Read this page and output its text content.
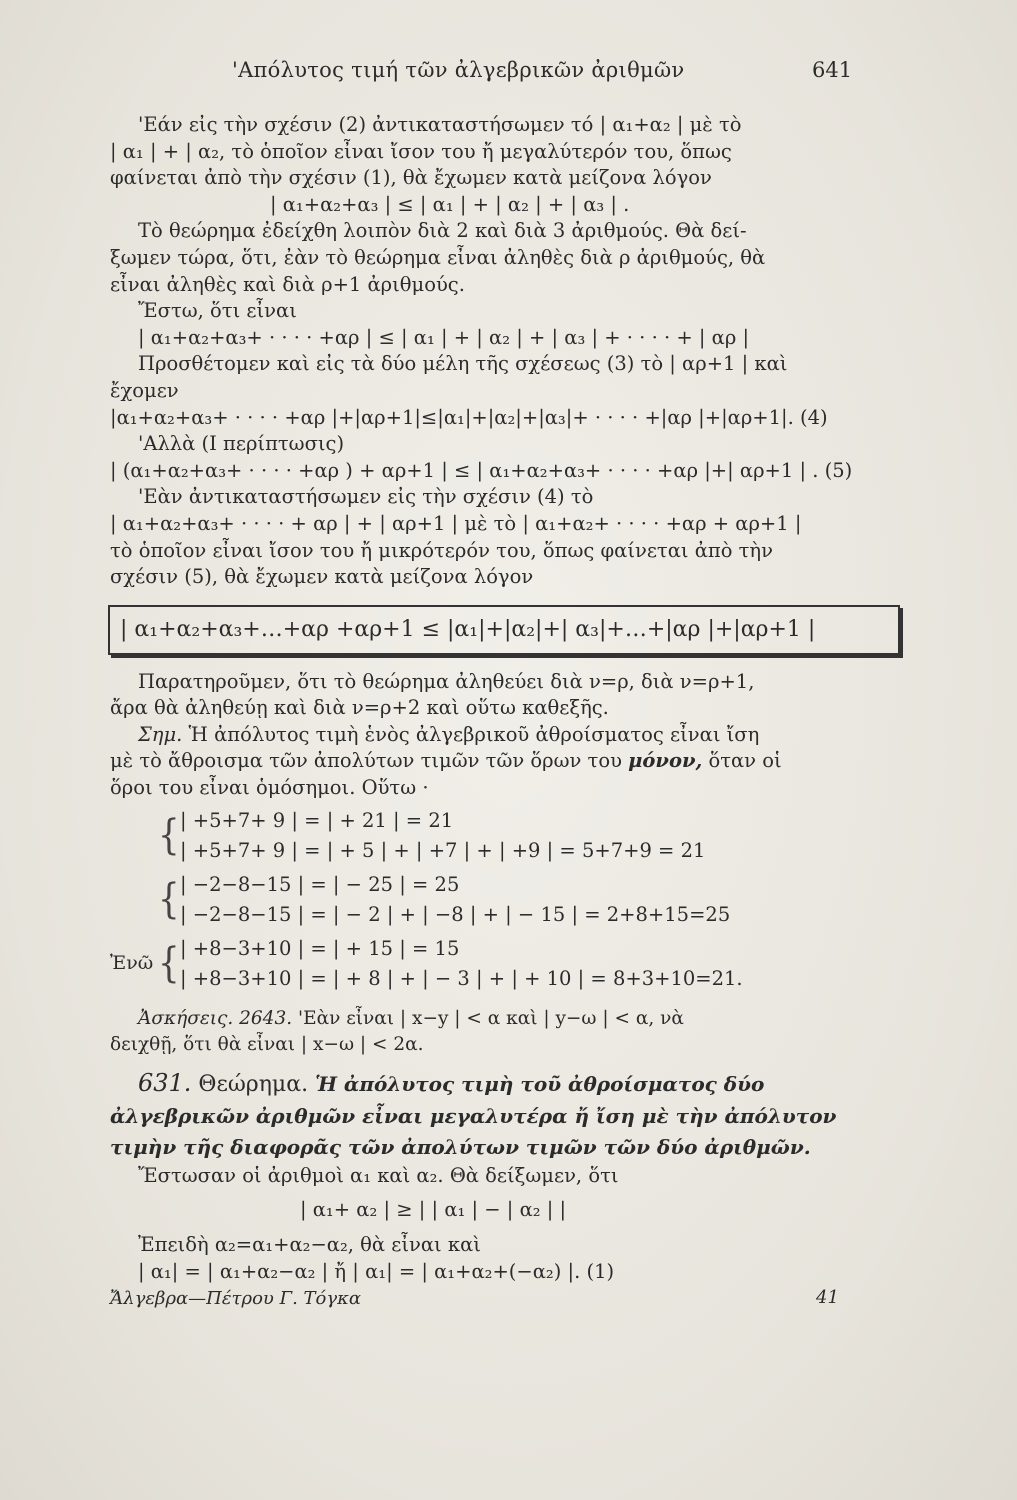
'Απόλυτος τιμή τῶν ἀλγεβρικῶν ἀριθμῶν	641
'Εάν εἰς τὴν σχέσιν (2) ἀντικαταστήσωμεν τό | α₁+α₂ | μὲ τὸ
| α₁ | + | α₂, τὸ ὁποῖον εἶναι ἴσον του ἤ μεγαλύτερόν του, ὅπως
φαίνεται ἀπὸ τὴν σχέσιν (1), θὰ ἔχωμεν κατὰ μείζονα λόγον
| α₁+α₂+α₃ | ≤ | α₁ | + | α₂ | + | α₃ | .
Τὸ θεώρημα ἐδείχθη λοιπὸν διὰ 2 καὶ διὰ 3 ἀριθμούς. Θὰ δεί-
ξωμεν τώρα, ὅτι, ἐὰν τὸ θεώρημα εἶναι ἀληθὲς διὰ ρ ἀριθμούς, θὰ
εἶναι ἀληθὲς καὶ διὰ ρ+1 ἀριθμούς.
Ἔστω, ὅτι εἶναι
| α₁+α₂+α₃+ · · · · +αρ | ≤ | α₁ | + | α₂ | + | α₃ | + · · · · + | αρ |
Προσθέτομεν καὶ εἰς τὰ δύο μέλη τῆς σχέσεως (3) τὸ | αρ+1 | καὶ
ἔχομεν
|α₁+α₂+α₃+ · · · · +αρ |+|αρ+1|≤|α₁|+|α₂|+|α₃|+ · · · · +|αρ |+|αρ+1|. (4)
'Αλλὰ (Ι περίπτωσις)
| (α₁+α₂+α₃+ · · · · +αρ ) + αρ+1 | ≤ | α₁+α₂+α₃+ · · · · +αρ |+| αρ+1 | . (5)
'Εὰν ἀντικαταστήσωμεν εἰς τὴν σχέσιν (4) τὸ
| α₁+α₂+α₃+ · · · · + αρ | + | αρ+1 | μὲ τὸ | α₁+α₂+ · · · · +αρ + αρ+1 |
τὸ ὁποῖον εἶναι ἴσον του ἤ μικρότερόν του, ὅπως φαίνεται ἀπὸ τὴν
σχέσιν (5), θὰ ἔχωμεν κατὰ μείζονα λόγον
| α₁+α₂+α₃+…+αρ +αρ+1 ≤ |α₁|+|α₂|+| α₃|+…+|αρ |+|αρ+1 |
Παρατηροῦμεν, ὅτι τὸ θεώρημα ἀληθεύει διὰ ν=ρ, διὰ ν=ρ+1,
ἄρα θὰ ἀληθεύῃ καὶ διὰ ν=ρ+2 καὶ οὕτω καθεξῆς.
Σημ. Ἡ ἀπόλυτος τιμὴ ἑνὸς ἀλγεβρικοῦ ἀθροίσματος εἶναι ἴση
μὲ τὸ ἄθροισμα τῶν ἀπολύτων τιμῶν τῶν ὅρων του μόνον, ὅταν οἱ
ὅροι του εἶναι ὁμόσημοι. Οὕτω ·
{ | +5+7+ 9 | = | + 21 | = 21
| +5+7+ 9 | = | + 5 | + | +7 | + | +9 | = 5+7+9 = 21
{ | −2−8−15 | = | − 25 | = 25
| −2−8−15 | = | − 2 | + | −8 | + | − 15 | = 2+8+15=25
Ἐνῶ { | +8−3+10 | = | + 15 | = 15
| +8−3+10 | = | + 8 | + | − 3 | + | + 10 | = 8+3+10=21.
Ἀσκήσεις. 2643. 'Εὰν εἶναι | x−y | < α καὶ | y−ω | < α, νὰ
δειχθῇ, ὅτι θὰ εἶναι | x−ω | < 2α.
631. Θεώρημα. Ἡ ἀπόλυτος τιμὴ τοῦ ἀθροίσματος δύο
ἀλγεβρικῶν ἀριθμῶν εἶναι μεγαλυτέρα ἤ ἴση μὲ τὴν ἀπόλυτον
τιμὴν τῆς διαφορᾶς τῶν ἀπολύτων τιμῶν τῶν δύο ἀριθμῶν.
Ἔστωσαν οἱ ἀριθμοὶ α₁ καὶ α₂. Θὰ δείξωμεν, ὅτι
| α₁+ α₂ | ≥ | | α₁ | − | α₂ | |
Ἐπειδὴ α₂=α₁+α₂−α₂, θὰ εἶναι καὶ
| α₁| = | α₁+α₂−α₂ | ἤ | α₁| = | α₁+α₂+(−α₂) |. (1)
Ἄλγεβρα—Πέτρου Γ. Τόγκα	41
